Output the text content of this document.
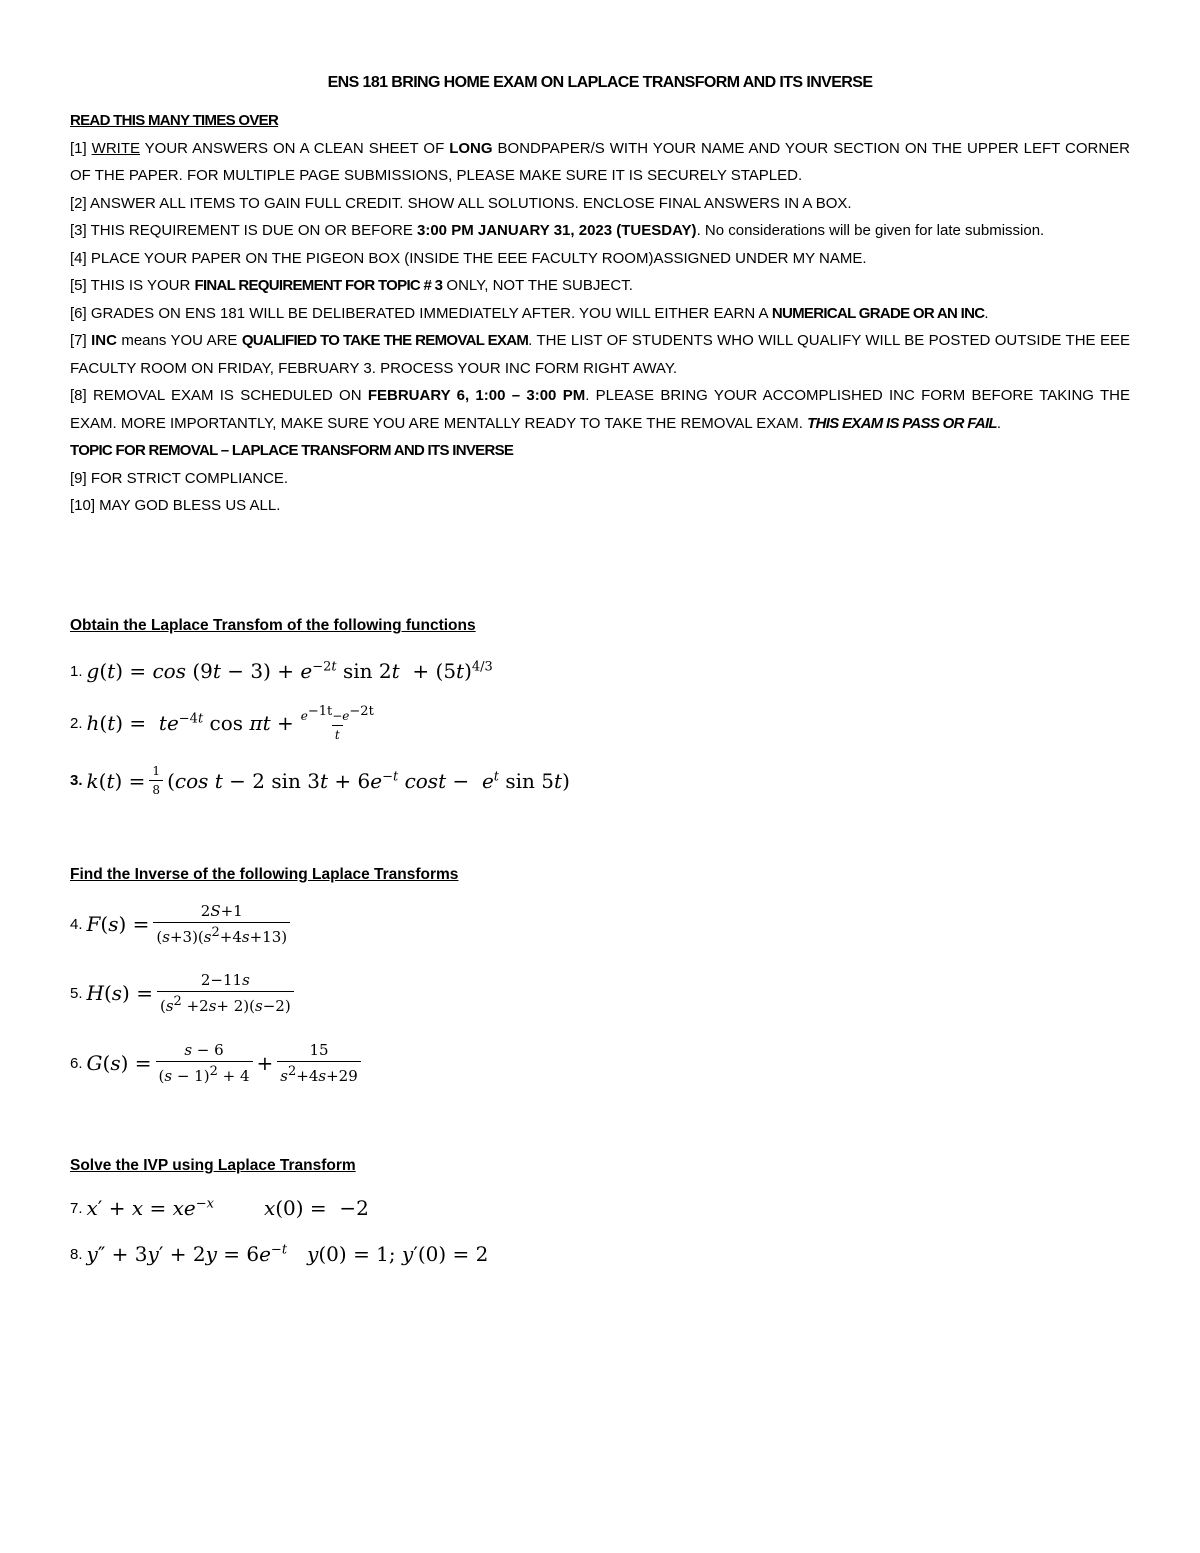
ENS 181 BRING HOME EXAM ON LAPLACE TRANSFORM AND ITS INVERSE

READ THIS MANY TIMES OVER

[1] WRITE YOUR ANSWERS ON A CLEAN SHEET OF LONG BONDPAPER/S WITH YOUR NAME AND YOUR SECTION ON THE UPPER LEFT CORNER OF THE PAPER. FOR MULTIPLE PAGE SUBMISSIONS, PLEASE MAKE SURE IT IS SECURELY STAPLED.

[2] ANSWER ALL ITEMS TO GAIN FULL CREDIT. SHOW ALL SOLUTIONS. ENCLOSE FINAL ANSWERS IN A BOX.

[3] THIS REQUIREMENT IS DUE ON OR BEFORE 3:00 PM JANUARY 31, 2023 (TUESDAY). No considerations will be given for late submission.

[4] PLACE YOUR PAPER ON THE PIGEON BOX (INSIDE THE EEE FACULTY ROOM)ASSIGNED UNDER MY NAME.

[5] THIS IS YOUR FINAL REQUIREMENT FOR TOPIC # 3 ONLY, NOT THE SUBJECT.

[6] GRADES ON ENS 181 WILL BE DELIBERATED IMMEDIATELY AFTER. YOU WILL EITHER EARN A NUMERICAL GRADE OR AN INC.

[7] INC means YOU ARE QUALIFIED TO TAKE THE REMOVAL EXAM. THE LIST OF STUDENTS WHO WILL QUALIFY WILL BE POSTED OUTSIDE THE EEE FACULTY ROOM ON FRIDAY, FEBRUARY 3. PROCESS YOUR INC FORM RIGHT AWAY.

[8] REMOVAL EXAM IS SCHEDULED ON FEBRUARY 6, 1:00 – 3:00 PM. PLEASE BRING YOUR ACCOMPLISHED INC FORM BEFORE TAKING THE EXAM. MORE IMPORTANTLY, MAKE SURE YOU ARE MENTALLY READY TO TAKE THE REMOVAL EXAM. THIS EXAM IS PASS OR FAIL.

TOPIC FOR REMOVAL – LAPLACE TRANSFORM AND ITS INVERSE

[9] FOR STRICT COMPLIANCE.

[10] MAY GOD BLESS US ALL.

Obtain the Laplace Transfom of the following functions
1. $g(t) = \cos (9t - 3) + e^{-2t}$ $\sin 2t + (5t)^{4/3}$
2. $h(t) = te^{-4t}$ $\cos \pi t + \frac{e^{-1t}-e^{-2t}}{t}$
3. $k(t) = \frac{1}{8} (\cos$ t − 2 $\sin 3t + 6e^{-t}$ $\cos t - e^t$ sin 5t)
Find the Inverse of the following Laplace Transforms
4. $F(s) = \frac{2S+1}{(s+3)(s^2+4s+13)}$
5. $H(s) = \frac{2-11s}{(s^2 +2s+ 2)(s-2)}$
6. $G(s) = \frac{s - 6}{(s - 1)^2 + 4} + \frac{15}{s^2+4s+29}$
Solve the IVP using Laplace Transform
7. $x' + x = xe^{-x}$	x(0) =  −2
8. $y'' + 3y' + 2y = 6e^{-t}$ y(0) = 1; y′(0) = 2
